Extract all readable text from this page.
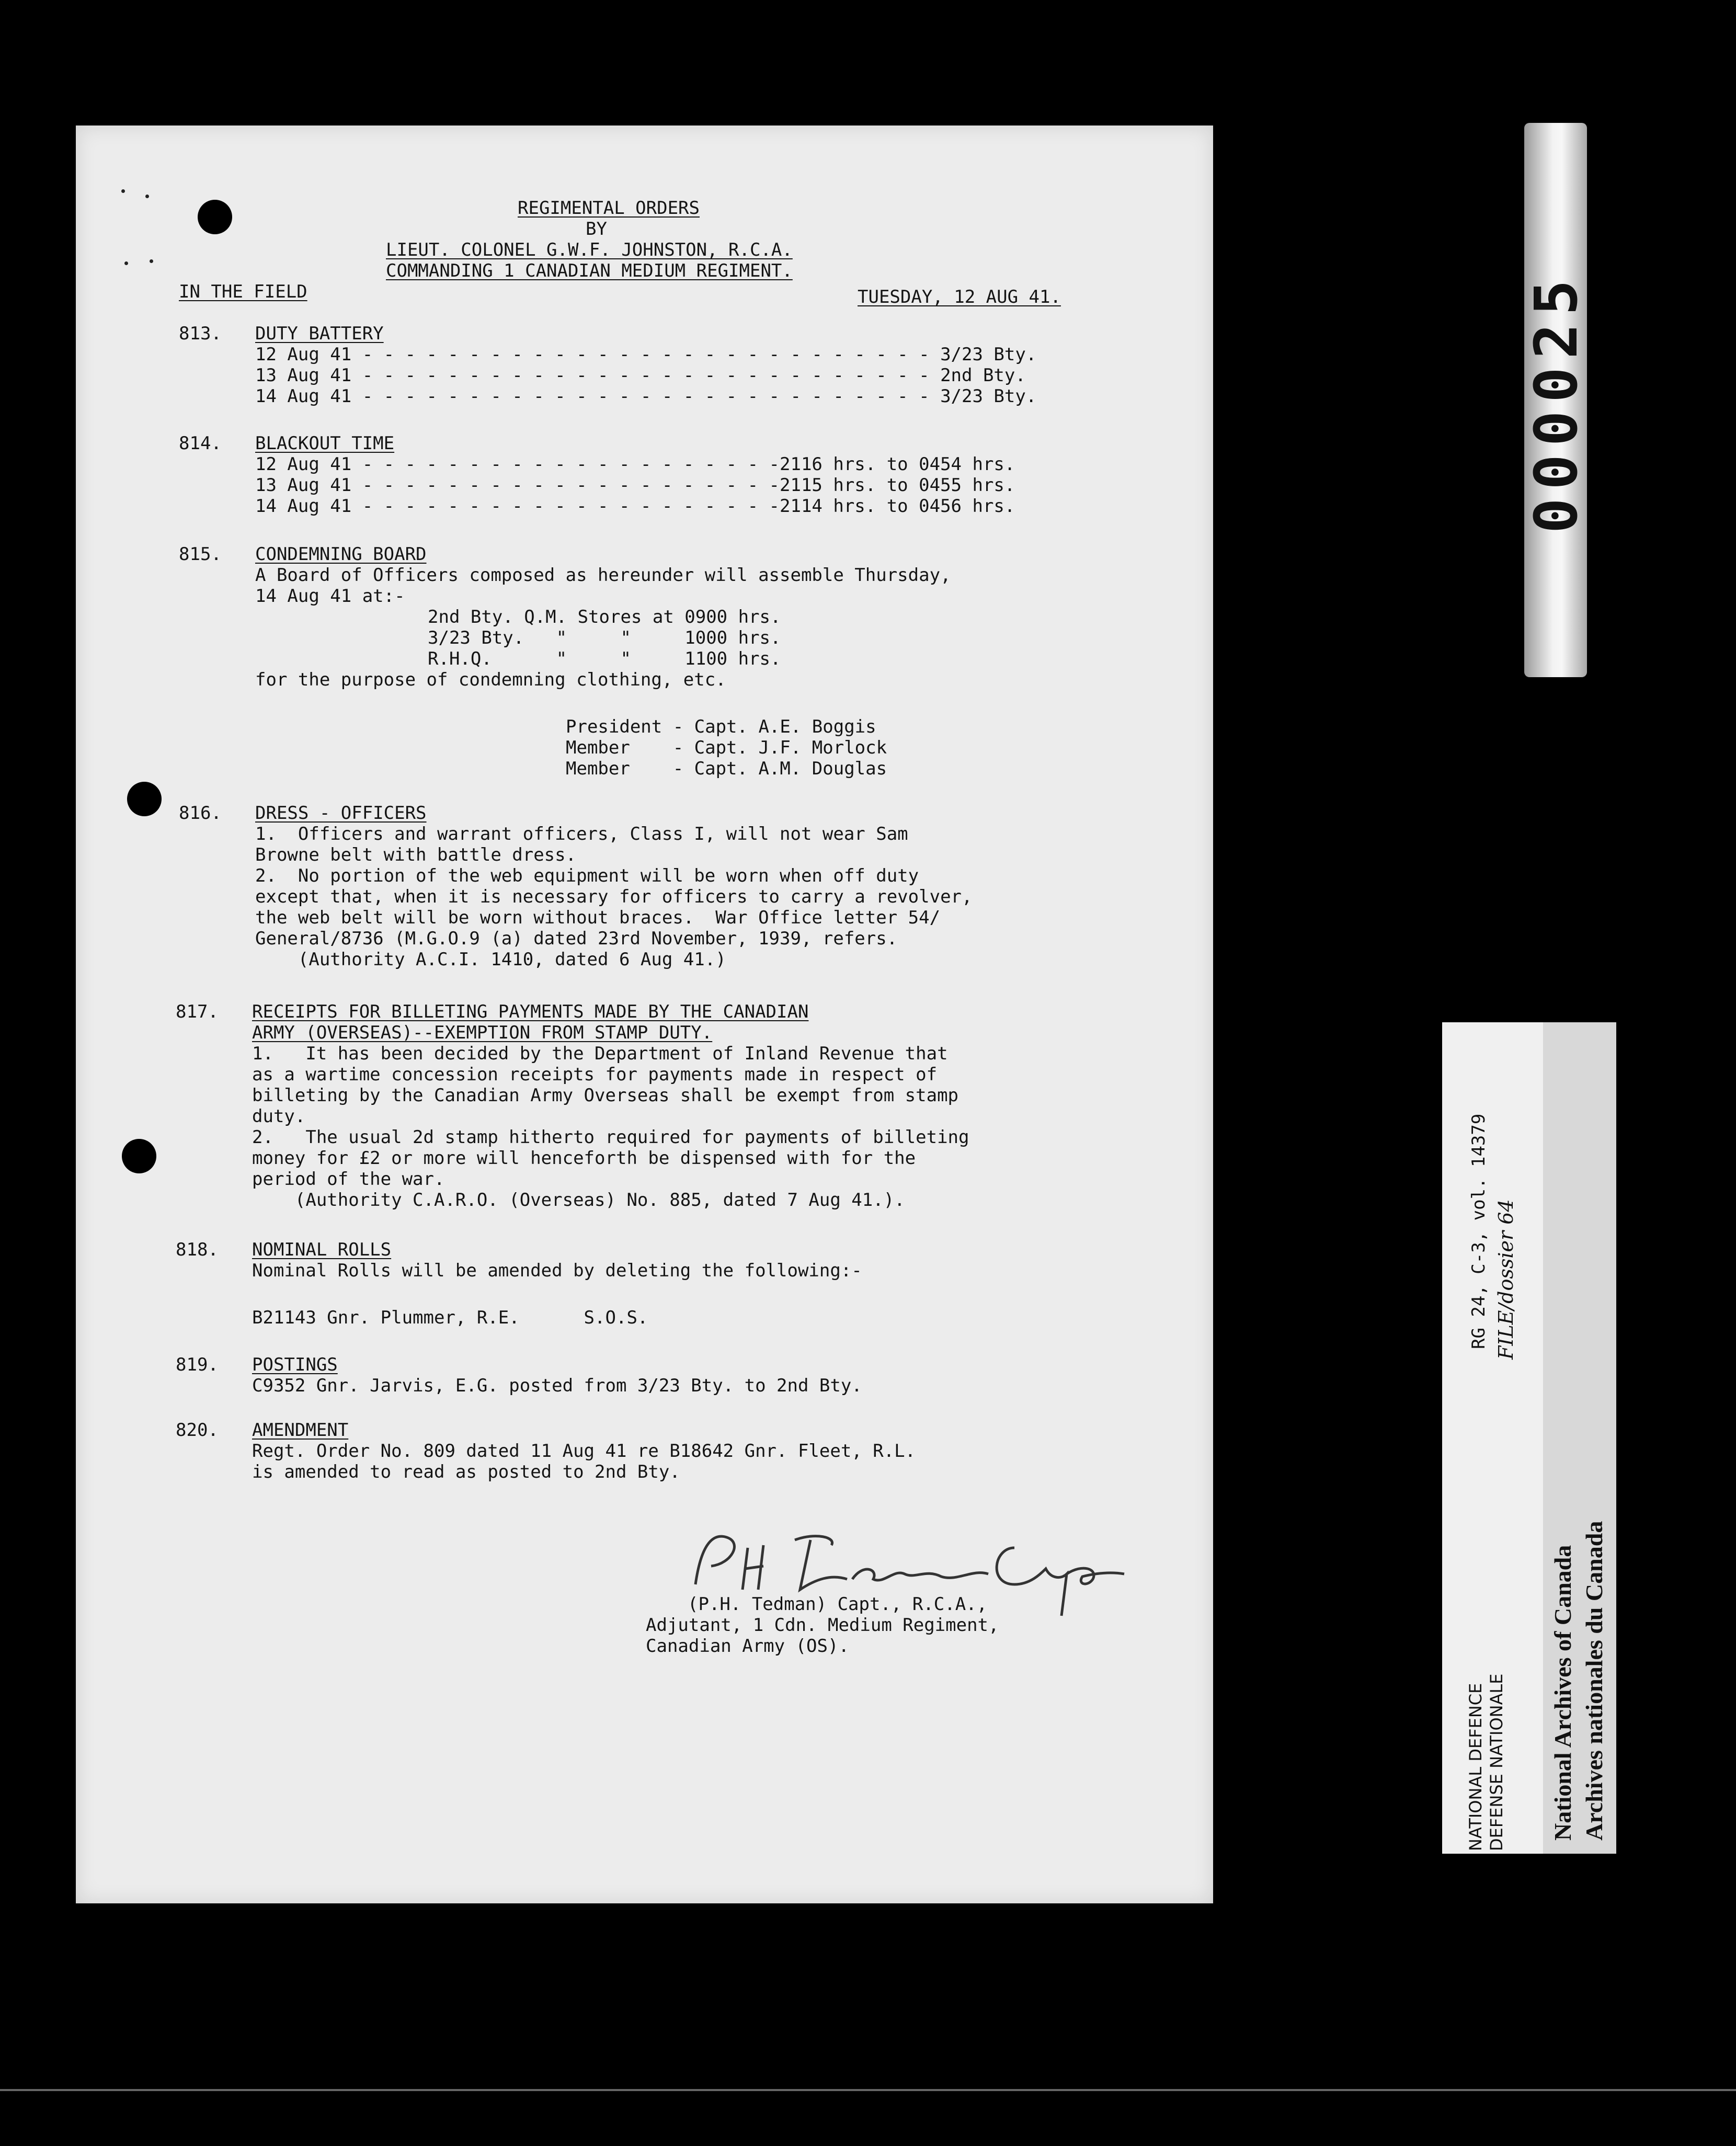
REGIMENTAL ORDERS
BY
LIEUT. COLONEL G.W.F. JOHNSTON, R.C.A.
COMMANDING 1 CANADIAN MEDIUM REGIMENT.
IN THE FIELD	TUESDAY, 12 AUG 41.
813.	DUTY BATTERY
12 Aug 41 - - - - - - - - - - - - - - - - - - - - - - - - - - - 3/23 Bty.
13 Aug 41 - - - - - - - - - - - - - - - - - - - - - - - - - - - 2nd Bty.
14 Aug 41 - - - - - - - - - - - - - - - - - - - - - - - - - - - 3/23 Bty.
814.	BLACKOUT TIME
12 Aug 41 - - - - - - - - - - - - - - - - - - - -2116 hrs. to 0454 hrs.
13 Aug 41 - - - - - - - - - - - - - - - - - - - -2115 hrs. to 0455 hrs.
14 Aug 41 - - - - - - - - - - - - - - - - - - - -2114 hrs. to 0456 hrs.
815.	CONDEMNING BOARD
A Board of Officers composed as hereunder will assemble Thursday,
14 Aug 41 at:-
2nd Bty. Q.M. Stores at 0900 hrs.
3/23 Bty.   "     "     1000 hrs.
R.H.Q.      "     "     1100 hrs.
for the purpose of condemning clothing, etc.
President - Capt. A.E. Boggis
Member    - Capt. J.F. Morlock
Member    - Capt. A.M. Douglas
816.	DRESS - OFFICERS
1.  Officers and warrant officers, Class I, will not wear Sam
Browne belt with battle dress.
2.  No portion of the web equipment will be worn when off duty
except that, when it is necessary for officers to carry a revolver,
the web belt will be worn without braces.  War Office letter 54/
General/8736 (M.G.O.9 (a) dated 23rd November, 1939, refers.
(Authority A.C.I. 1410, dated 6 Aug 41.)
817.	RECEIPTS FOR BILLETING PAYMENTS MADE BY THE CANADIAN
ARMY (OVERSEAS)--EXEMPTION FROM STAMP DUTY.
1.   It has been decided by the Department of Inland Revenue that
as a wartime concession receipts for payments made in respect of
billeting by the Canadian Army Overseas shall be exempt from stamp
duty.
2.   The usual 2d stamp hitherto required for payments of billeting
money for £2 or more will henceforth be dispensed with for the
period of the war.
(Authority C.A.R.O. (Overseas) No. 885, dated 7 Aug 41.).
818.	NOMINAL ROLLS
Nominal Rolls will be amended by deleting the following:-
B21143 Gnr. Plummer, R.E.      S.O.S.
819.	POSTINGS
C9352 Gnr. Jarvis, E.G. posted from 3/23 Bty. to 2nd Bty.
820.	AMENDMENT
Regt. Order No. 809 dated 11 Aug 41 re B18642 Gnr. Fleet, R.L.
is amended to read as posted to 2nd Bty.
(P.H. Tedman) Capt., R.C.A.,
Adjutant, 1 Cdn. Medium Regiment,
Canadian Army (OS).
000025
RG 24, C-3, vol. 14379 FILE/dossier 64
NATIONAL DEFENCE DEFENSE NATIONALE National Archives of Canada Archives nationales du Canada
